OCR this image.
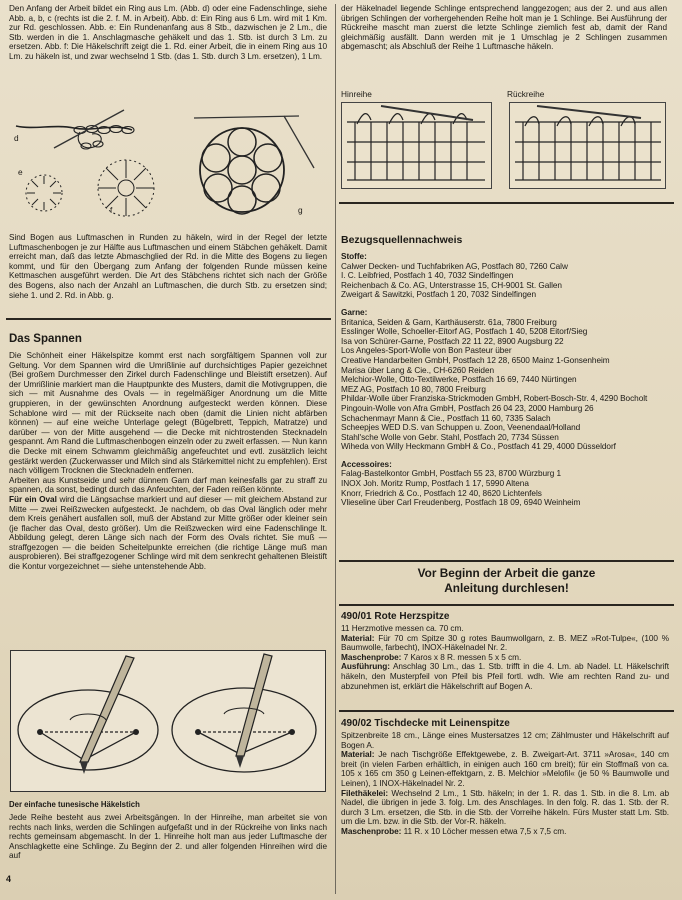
Den Anfang der Arbeit bildet ein Ring aus Lm. (Abb. d) oder eine Fadenschlinge, siehe Abb. a, b, c (rechts ist die 2. f. M. in Arbeit). Abb. d: Ein Ring aus 6 Lm. wird mit 1 Km. zur Rd. geschlossen. Abb. e: Ein Rundenanfang aus 8 Stb., dazwischen je 2 Lm., die Stb. werden in die 1. Anschlagmasche gehäkelt und das 1. Stb. ist durch 3 Lm. zu ersetzen. Abb. f: Die Häkelschrift zeigt die 1. Rd. einer Arbeit, die in einem Ring aus 10 Lm. zu häkeln ist, und zwar wechselnd 1 Stb. (das 1. Stb. durch 3 Lm. ersetzen), 1 Lm.

d
e
f	g

Sind Bogen aus Luftmaschen in Runden zu häkeln, wird in der Regel der letzte Luftmaschenbogen je zur Hälfte aus Luftmaschen und einem Stäbchen gehäkelt. Damit erreicht man, daß das letzte Abmaschglied der Rd. in die Mitte des Bogens zu liegen kommt, und für den Übergang zum Anfang der folgenden Runde müssen keine Kettmaschen ausgeführt werden. Die Art des Stäbchens richtet sich nach der Größe des Bogens, also nach der Anzahl an Luftmaschen, die durch Stb. zu ersetzen sind; siehe 1. und 2. Rd. in Abb. g.

Das Spannen

Die Schönheit einer Häkelspitze kommt erst nach sorgfältigem Spannen voll zur Geltung. Vor dem Spannen wird die Umrißlinie auf durchsichtiges Papier gezeichnet (Bei großem Durchmesser den Zirkel durch Fadenschlinge und Bleistift ersetzen). Auf der Umrißlinie markiert man die Hauptpunkte des Musters, damit die Motivgruppen, die sich — mit Ausnahme des Ovals — in regelmäßiger Anordnung um die Mitte gruppieren, in der gewünschten Anordnung aufgesteckt werden können. Diese Schablone wird — mit der Rückseite nach oben (damit die Linien nicht abfärben können) — auf eine weiche Unterlage gelegt (Bügelbrett, Teppich, Matratze) und darüber — von der Mitte ausgehend — die Decke mit nichtrostenden Stecknadeln gespannt. Am Rand die Luftmaschenbogen einzeln oder zu zweit erfassen. — Nun kann die Decke mit einem Schwamm gleichmäßig angefeuchtet und evtl. zusätzlich leicht gestärkt werden (Zuckerwasser und Milch sind als Stärkemittel nicht zu empfehlen). Erst nach völligem Trocknen die Stecknadeln entfernen.

Arbeiten aus Kunstseide und sehr dünnem Garn darf man keinesfalls gar zu straff zu spannen, da sonst, bedingt durch das Anfeuchten, der Faden reißen könnte.

Für ein Oval wird die Längsachse markiert und auf dieser — mit gleichem Abstand zur Mitte — zwei Reißzwecken aufgesteckt. Je nachdem, ob das Oval länglich oder mehr dem Kreis genähert ausfallen soll, muß der Abstand zur Mitte größer oder kleiner sein (je flacher das Oval, desto größer). Um die Reißzwecken wird eine Fadenschlinge lt. Abbildung gelegt, deren Länge sich nach der Form des Ovals richtet. Sie muß — straffgezogen — die beiden Scheitelpunkte erreichen (die richtige Länge muß man ausprobieren). Bei straffgezogener Schlinge wird mit dem senkrecht gehaltenen Bleistift die Kontur vorgezeichnet — siehe untenstehende Abb.

Der einfache tunesische Häkelstich

Jede Reihe besteht aus zwei Arbeitsgängen. In der Hinreihe, man arbeitet sie von rechts nach links, werden die Schlingen aufgefaßt und in der Rückreihe von links nach rechts gemeinsam abgemascht. In der 1. Hinreihe holt man aus jeder Luftmasche der Anschlagkette eine Schlinge. Zu Beginn der 2. und aller folgenden Hinreihen wird die auf

4

der Häkelnadel liegende Schlinge entsprechend langgezogen; aus der 2. und aus allen übrigen Schlingen der vorhergehenden Reihe holt man je 1 Schlinge. Bei Ausführung der Rückreihe mascht man zuerst die letzte Schlinge ziemlich fest ab, damit der Rand gleichmäßig ausfällt. Dann werden mit je 1 Umschlag je 2 Schlingen zusammen abgemascht; als Abschluß der Reihe 1 Luftmasche häkeln.

Hinreihe	Rückreihe
Bezugsquellennachweis

Stoffe:

Calwer Decken- und Tuchfabriken AG, Postfach 80, 7260 Calw

I. C. Leibfried, Postfach 1 40, 7032 Sindelfingen

Reichenbach & Co. AG, Unterstrasse 15, CH-9001 St. Gallen

Zweigart & Sawitzki, Postfach 1 20, 7032 Sindelfingen

Garne:

Britanica, Seiden & Garn, Karthäuserstr. 61a, 7800 Freiburg

Esslinger Wolle, Schoeller-Eitorf AG, Postfach 1 40, 5208 Eitorf/Sieg

Isa von Schürer-Garne, Postfach 22 11 22, 8900 Augsburg 22

Los Angeles-Sport-Wolle von Bon Pasteur über

Creative Handarbeiten GmbH, Postfach 12 28, 6500 Mainz 1-Gonsenheim

Marisa über Lang & Cie., CH-6260 Reiden

Melchior-Wolle, Otto-Textilwerke, Postfach 16 69, 7440 Nürtingen

MEZ AG, Postfach 10 80, 7800 Freiburg

Phildar-Wolle über Franziska-Strickmoden GmbH, Robert-Bosch-Str. 4, 4290 Bocholt

Pingouin-Wolle von Afra GmbH, Postfach 26 04 23, 2000 Hamburg 26

Schachenmayr Mann & Cie., Postfach 11 60, 7335 Salach

Scheepjes WED D.S. van Schuppen u. Zoon, Veenendaal/Holland

Stahl'sche Wolle von Gebr. Stahl, Postfach 20, 7734 Süssen

Wiheda von Willy Heckmann GmbH & Co., Postfach 41 29, 4000 Düsseldorf

Accessoires:

Falag-Bastelkontor GmbH, Postfach 55 23, 8700 Würzburg 1

INOX Joh. Moritz Rump, Postfach 1 17, 5990 Altena

Knorr, Friedrich & Co., Postfach 12 40, 8620 Lichtenfels

Vlieseline über Carl Freudenberg, Postfach 18 09, 6940 Weinheim

Vor Beginn der Arbeit die ganze
Anleitung durchlesen!
490/01 Rote Herzspitze

11 Herzmotive messen ca. 70 cm.

Material: Für 70 cm Spitze 30 g rotes Baumwollgarn, z. B. MEZ »Rot-Tulpe«, (100 % Baumwolle, farbecht), INOX-Häkelnadel Nr. 2.

Maschenprobe: 7 Karos x 8 R. messen 5 x 5 cm.

Ausführung: Anschlag 30 Lm., das 1. Stb. trifft in die 4. Lm. ab Nadel. Lt. Häkelschrift häkeln, den Musterpfeil von Pfeil bis Pfeil fortl. wdh. Wie am rechten Rand zu- und abzunehmen ist, erklärt die Häkelschrift auf Bogen A.

490/02 Tischdecke mit Leinenspitze

Spitzenbreite 18 cm., Länge eines Mustersatzes 12 cm; Zählmuster und Häkelschrift auf Bogen A.

Material: Je nach Tischgröße Effektgewebe, z. B. Zweigart-Art. 3711 »Arosa«, 140 cm breit (in vielen Farben erhältlich, in einigen auch 160 cm breit); für ein Stoffmaß von ca. 105 x 165 cm 350 g Leinen-effektgarn, z. B. Melchior »Melofil« (je 50 % Baumwolle und Leinen), 1 INOX-Häkelnadel Nr. 2.

Filethäkelei: Wechselnd 2 Lm., 1 Stb. häkeln; in der 1. R. das 1. Stb. in die 8. Lm. ab Nadel, die übrigen in jede 3. folg. Lm. des Anschlages. In den folg. R. das 1. Stb. der R. durch 3 Lm. ersetzen, die Stb. in die Stb. der Vorreihe häkeln. Fürs Muster statt Lm. Stb. um die Lm. bzw. in die Stb. der Vor-R. häkeln.

Maschenprobe: 11 R. x 10 Löcher messen etwa 7,5 x 7,5 cm.
